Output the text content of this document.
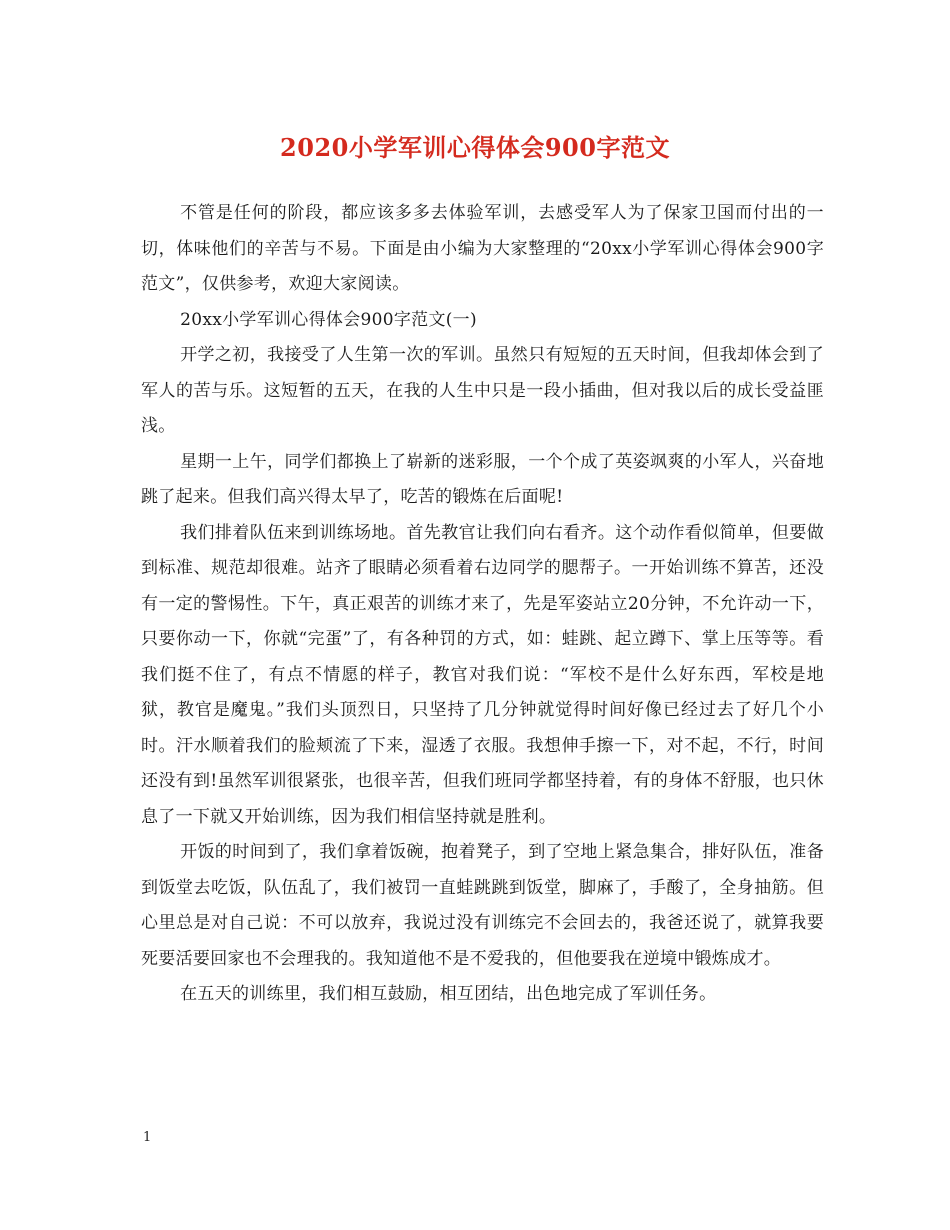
2020小学军训心得体会900字范文

不管是任何的阶段，都应该多多去体验军训，去感受军人为了保家卫国而付出的一切，体味他们的辛苦与不易。下面是由小编为大家整理的“20xx小学军训心得体会900字范文”，仅供参考，欢迎大家阅读。

20xx小学军训心得体会900字范文(一)

开学之初，我接受了人生第一次的军训。虽然只有短短的五天时间，但我却体会到了军人的苦与乐。这短暂的五天，在我的人生中只是一段小插曲，但对我以后的成长受益匪浅。

星期一上午，同学们都换上了崭新的迷彩服，一个个成了英姿飒爽的小军人，兴奋地跳了起来。但我们高兴得太早了，吃苦的锻炼在后面呢!

我们排着队伍来到训练场地。首先教官让我们向右看齐。这个动作看似简单，但要做到标准、规范却很难。站齐了眼睛必须看着右边同学的腮帮子。一开始训练不算苦，还没有一定的警惕性。下午，真正艰苦的训练才来了，先是军姿站立20分钟，不允许动一下，只要你动一下，你就“完蛋”了，有各种罚的方式，如：蛙跳、起立蹲下、掌上压等等。看我们挺不住了，有点不情愿的样子，教官对我们说：“军校不是什么好东西，军校是地狱，教官是魔鬼。”我们头顶烈日，只坚持了几分钟就觉得时间好像已经过去了好几个小时。汗水顺着我们的脸颊流了下来，湿透了衣服。我想伸手擦一下，对不起，不行，时间还没有到!虽然军训很紧张，也很辛苦，但我们班同学都坚持着，有的身体不舒服，也只休息了一下就又开始训练，因为我们相信坚持就是胜利。

开饭的时间到了，我们拿着饭碗，抱着凳子，到了空地上紧急集合，排好队伍，准备到饭堂去吃饭，队伍乱了，我们被罚一直蛙跳跳到饭堂，脚麻了，手酸了，全身抽筋。但心里总是对自己说：不可以放弃，我说过没有训练完不会回去的，我爸还说了，就算我要死要活要回家也不会理我的。我知道他不是不爱我的，但他要我在逆境中锻炼成才。

在五天的训练里，我们相互鼓励，相互团结，出色地完成了军训任务。

1
